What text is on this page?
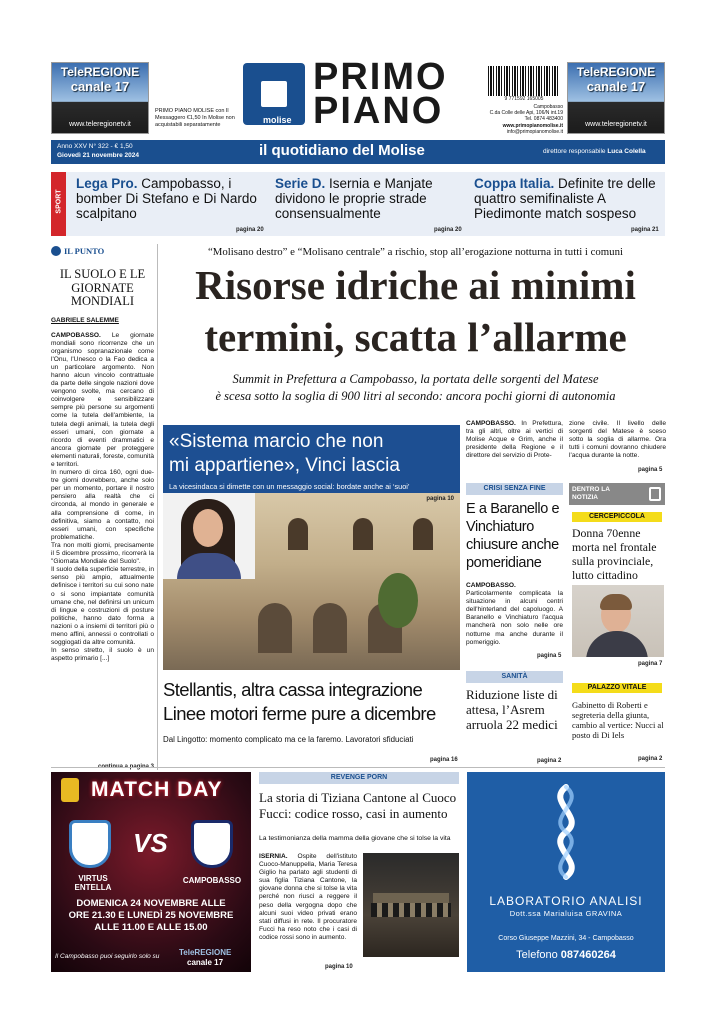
TeleREGIONE
canale 17
www.teleregionetv.it
PRIMO PIANO MOLISE con Il Messaggero €1,50 In Molise non acquistabili separatamente
PRIMO
PIANO
molise
9 771592 165005
Campobasso
C.da Colle delle Api, 106/N int.19
Tel. 0874 483400
www.primopianomolise.it
info@primopianomolise.it
TeleREGIONE
canale 17
www.teleregionetv.it
Anno XXV N° 322 - € 1,50
Giovedì 21 novembre 2024	il quotidiano del Molise	direttore responsabile Luca Colella
SPORT
Lega Pro. Campobasso, i bomber Di Stefano e Di Nardo scalpitano
pagina 20
Serie D. Isernia e Manjate dividono le proprie strade consensualmente
pagina 20
Coppa Italia. Definite tre delle quattro semifinaliste A Piedimonte match sospeso
pagina 21
IL PUNTO
IL SUOLO E LE GIORNATE MONDIALI
GABRIELE SALEMME

CAMPOBASSO. Le giornate mondiali sono ricorrenze che un organismo sopranazionale come l'Onu, l'Unesco o la Fao dedica a un particolare argomento. Non hanno alcun vincolo contrattuale da parte delle singole nazioni dove vengono svolte, ma cercano di coinvolgere e sensibilizzare sempre più persone su argomenti come la tutela dell'ambiente, la tutela degli animali, la tutela degli esseri umani, con giornate a ricordo di eventi drammatici e ancora giornate per proteggere elementi naturali, foreste, comunità e territori.

In numero di circa 160, ogni due-tre giorni dovrebbero, anche solo per un momento, portare il nostro pensiero alla realtà che ci circonda, al mondo in generale e alla comprensione di come, in definitiva, siamo a contatto, noi esseri umani, con specifiche problematiche.

Tra non molti giorni, precisamente il 5 dicembre prossimo, ricorrerà la "Giornata Mondiale del Suolo".

Il suolo della superficie terrestre, in senso più ampio, attualmente definisce i territori su cui sono nate o si sono impiantate comunità umane che, nel definirsi un unicum di lingue e costruzioni di posture politiche, hanno dato forma a nazioni o a insiemi di territori più o meno affini, annessi o controllati o soggiogati da altre comunità.

In senso stretto, il suolo è un aspetto primario [...]

“Molisano destro” e “Molisano centrale” a rischio, stop all’erogazione notturna in tutti i comuni
Risorse idriche ai minimi
termini, scatta l’allarme
Summit in Prefettura a Campobasso, la portata delle sorgenti del Matese
è scesa sotto la soglia di 900 litri al secondo: ancora pochi giorni di autonomia
CAMPOBASSO. In Prefettura, tra gli altri, oltre ai vertici di Molise Acque e Grim, anche il presidente della Regione e il direttore del servizio di Prote-
zione civile. Il livello delle sorgenti del Matese è sceso sotto la soglia di allarme. Ora tutti i comuni dovranno chiudere l'acqua durante la notte.
pagina 5
«Sistema marcio che non
mi appartiene», Vinci lascia
La vicesindaca si dimette con un messaggio social: bordate anche ai ‘suoi’
pagina 10
Stellantis, altra cassa integrazione
Linee motori ferme pure a dicembre
Dal Lingotto: momento complicato ma ce la faremo. Lavoratori sfiduciati
pagina 16
CRISI SENZA FINE
E a Baranello e Vinchiaturo chiusure anche pomeridiane
CAMPOBASSO. Particolarmente complicata la situazione in alcuni centri dell'hinterland del capoluogo. A Baranello e Vinchiaturo l'acqua mancherà non solo nelle ore notturne ma anche durante il pomeriggio.
pagina 5
SANITÀ
Riduzione liste di attesa, l’Asrem arruola 22 medici
pagina 2
DENTRO LA NOTIZIA
CERCEPICCOLA
Donna 70enne morta nel frontale sulla provinciale, lutto cittadino
pagina 7
PALAZZO VITALE
Gabinetto di Roberti e segreteria della giunta, cambio al vertice: Nucci al posto di Di Iels
pagina 2
MATCH DAY
VS
VIRTUS ENTELLA
CAMPOBASSO
DOMENICA 24 NOVEMBRE ALLE
ORE 21.30 E LUNEDÌ 25 NOVEMBRE
ALLE 11.00 E ALLE 15.00
Il Campobasso puoi seguirlo solo su TeleREGIONE
canale 17
REVENGE PORN
La storia di Tiziana Cantone al Cuoco Fucci: codice rosso, casi in aumento
La testimonianza della mamma della giovane che si tolse la vita
ISERNIA. Ospite dell'istituto Cuoco-Manuppella, Maria Teresa Giglio ha parlato agli studenti di sua figlia Tiziana Cantone, la giovane donna che si tolse la vita perché non riuscì a reggere il peso della vergogna dopo che alcuni suoi video privati erano stati diffusi in rete. Il procuratore Fucci ha reso noto che i casi di codice rossi sono in aumento.
pagina 10
LABORATORIO ANALISI
Dott.ssa Marialuisa GRAVINA
Corso Giuseppe Mazzini, 34 - Campobasso
Telefono 087460264
